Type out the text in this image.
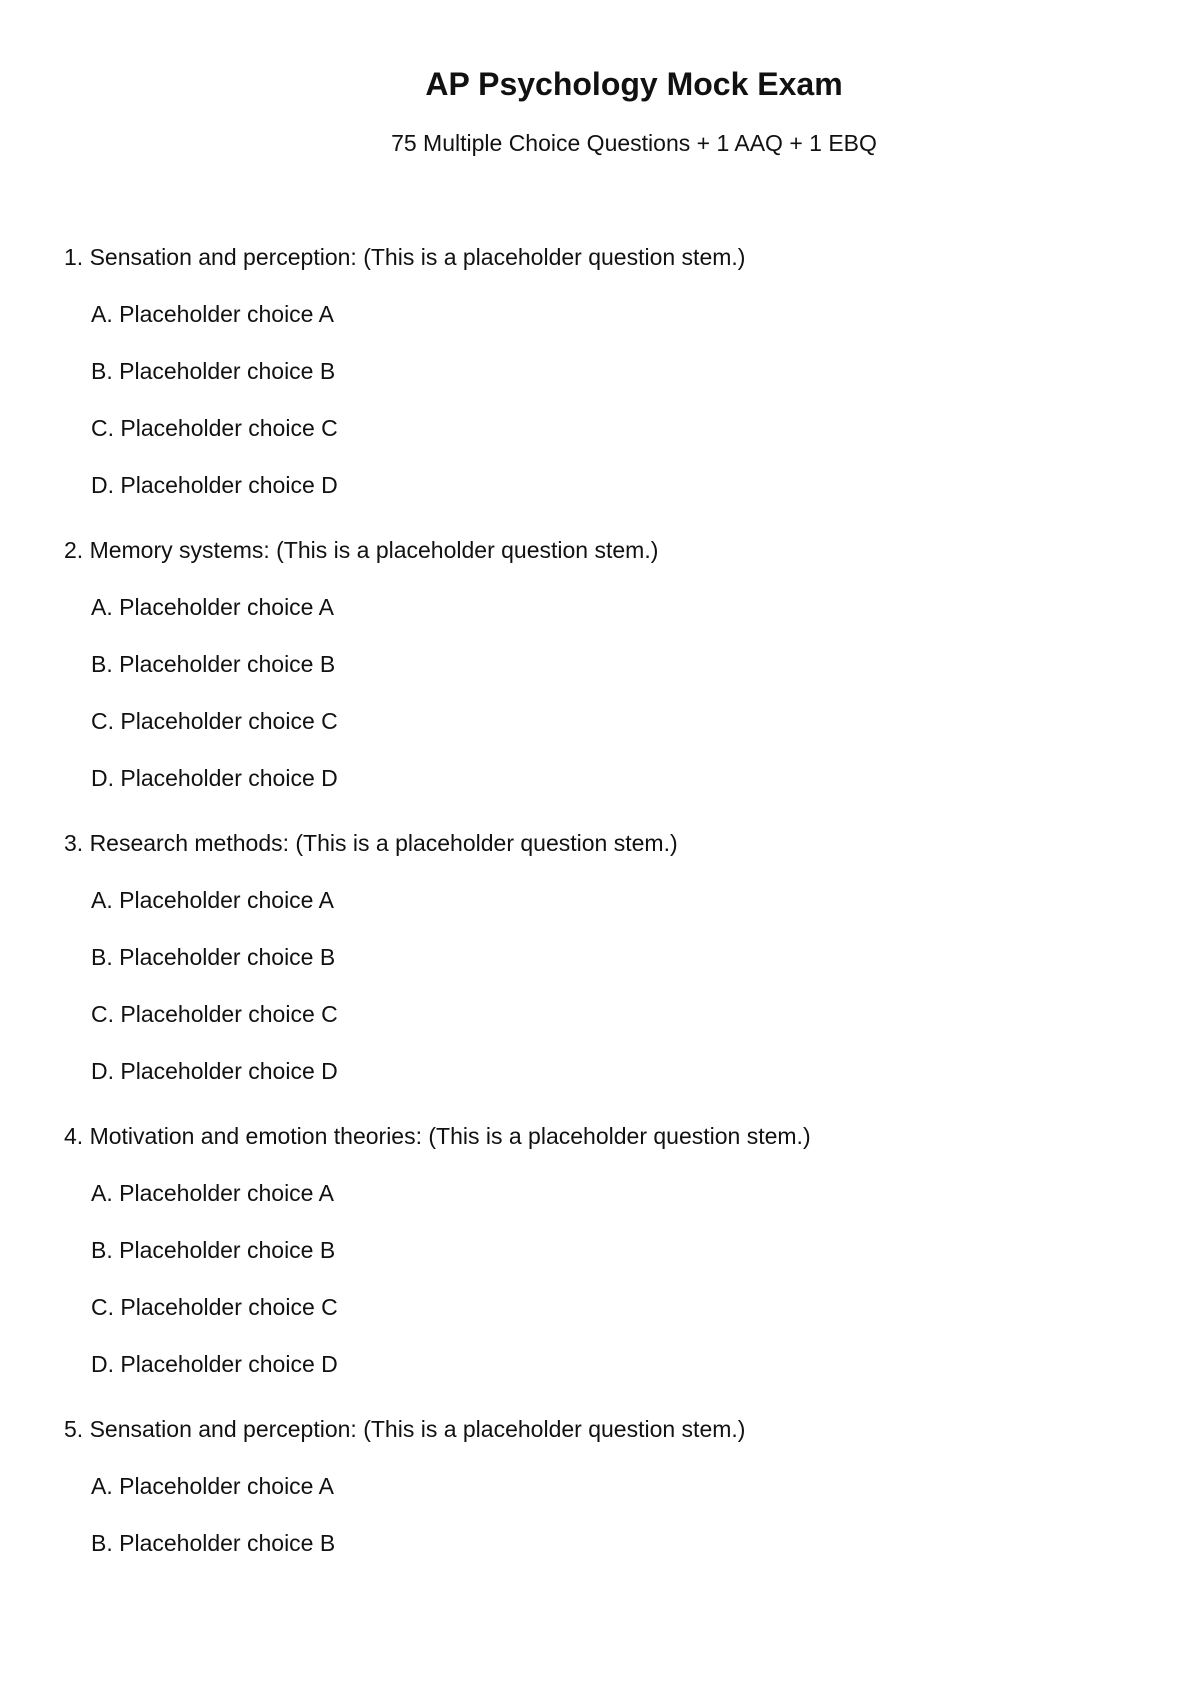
AP Psychology Mock Exam
75 Multiple Choice Questions + 1 AAQ + 1 EBQ
1. Sensation and perception: (This is a placeholder question stem.)
A. Placeholder choice A
B. Placeholder choice B
C. Placeholder choice C
D. Placeholder choice D
2. Memory systems: (This is a placeholder question stem.)
A. Placeholder choice A
B. Placeholder choice B
C. Placeholder choice C
D. Placeholder choice D
3. Research methods: (This is a placeholder question stem.)
A. Placeholder choice A
B. Placeholder choice B
C. Placeholder choice C
D. Placeholder choice D
4. Motivation and emotion theories: (This is a placeholder question stem.)
A. Placeholder choice A
B. Placeholder choice B
C. Placeholder choice C
D. Placeholder choice D
5. Sensation and perception: (This is a placeholder question stem.)
A. Placeholder choice A
B. Placeholder choice B
